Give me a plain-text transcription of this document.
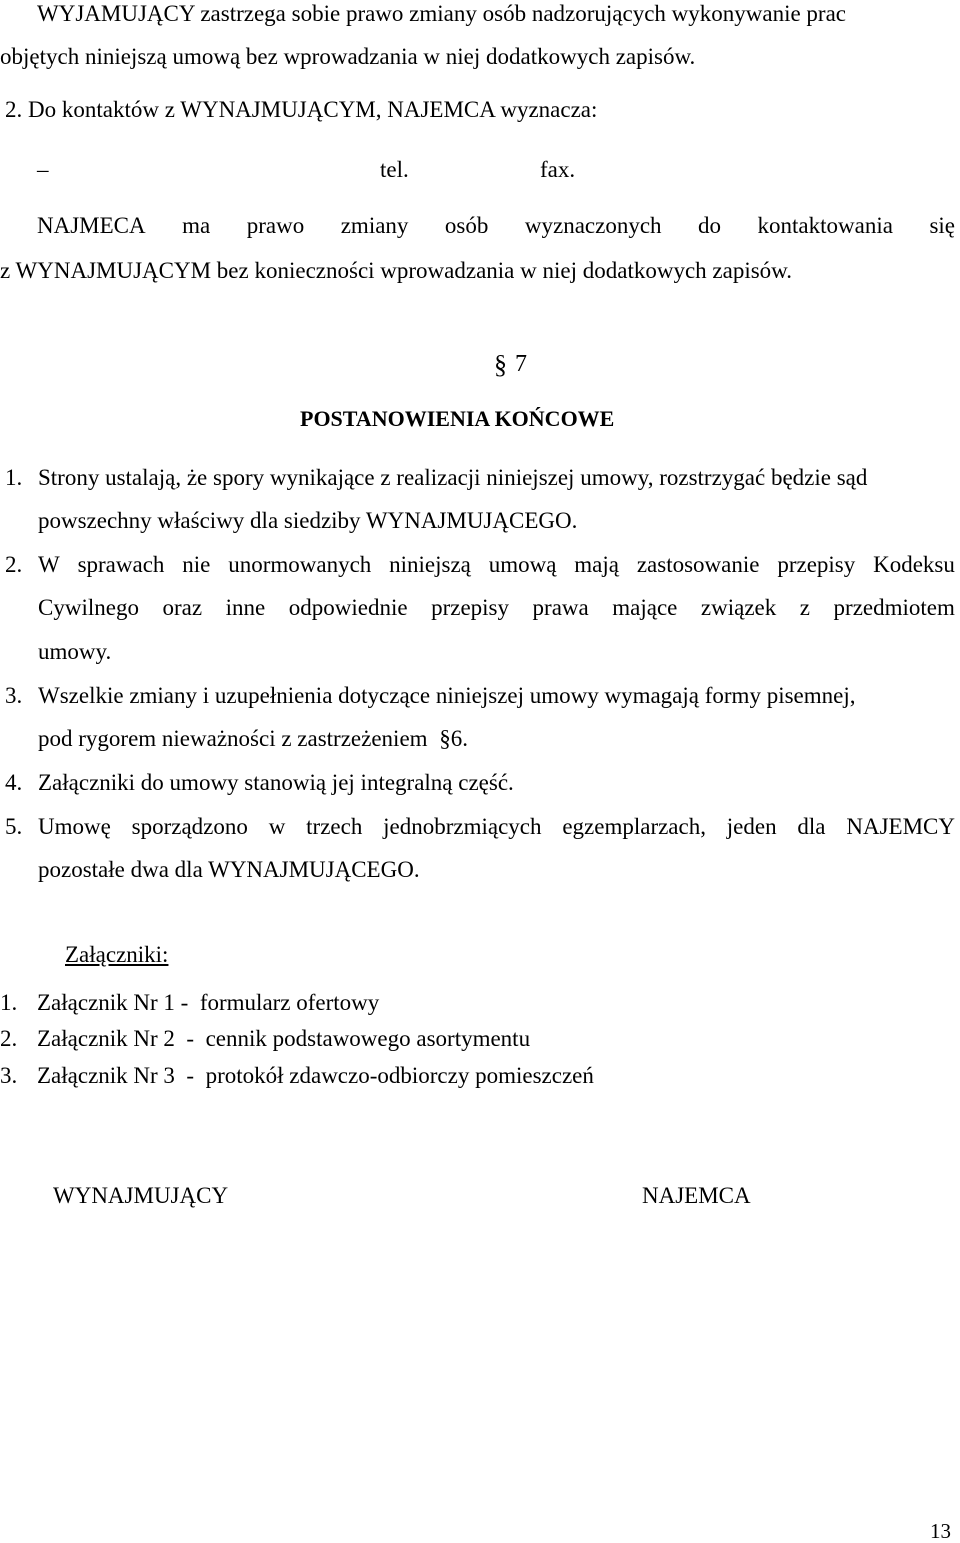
WYJAMUJĄCY zastrzega sobie prawo zmiany osób nadzorujących wykonywanie prac
objętych niniejszą umową bez wprowadzania w niej dodatkowych zapisów.
2. Do kontaktów z WYNAJMUJĄCYM, NAJEMCA wyznacza:
–	tel.	fax.
NAJMECA ma prawo zmiany osób wyznaczonych do kontaktowania się
z WYNAJMUJĄCYM bez konieczności wprowadzania w niej dodatkowych zapisów.
§ 7
POSTANOWIENIA KOŃCOWE
1. Strony ustalają, że spory wynikające z realizacji niniejszej umowy, rozstrzygać będzie sąd
powszechny właściwy dla siedziby WYNAJMUJĄCEGO.
2. W sprawach nie unormowanych niniejszą umową mają zastosowanie przepisy Kodeksu
Cywilnego oraz inne odpowiednie przepisy prawa mające związek z przedmiotem
umowy.
3. Wszelkie zmiany i uzupełnienia dotyczące niniejszej umowy wymagają formy pisemnej,
pod rygorem nieważności z zastrzeżeniem §6.
4. Załączniki do umowy stanowią jej integralną część.
5. Umowę sporządzono w trzech jednobrzmiących egzemplarzach, jeden dla NAJEMCY
pozostałe dwa dla WYNAJMUJĄCEGO.
Załączniki:
1. Załącznik Nr 1 -  formularz ofertowy
2. Załącznik Nr 2  -  cennik podstawowego asortymentu
3. Załącznik Nr 3  -  protokół zdawczo-odbiorczy pomieszczeń
WYNAJMUJĄCY	NAJEMCA
13
